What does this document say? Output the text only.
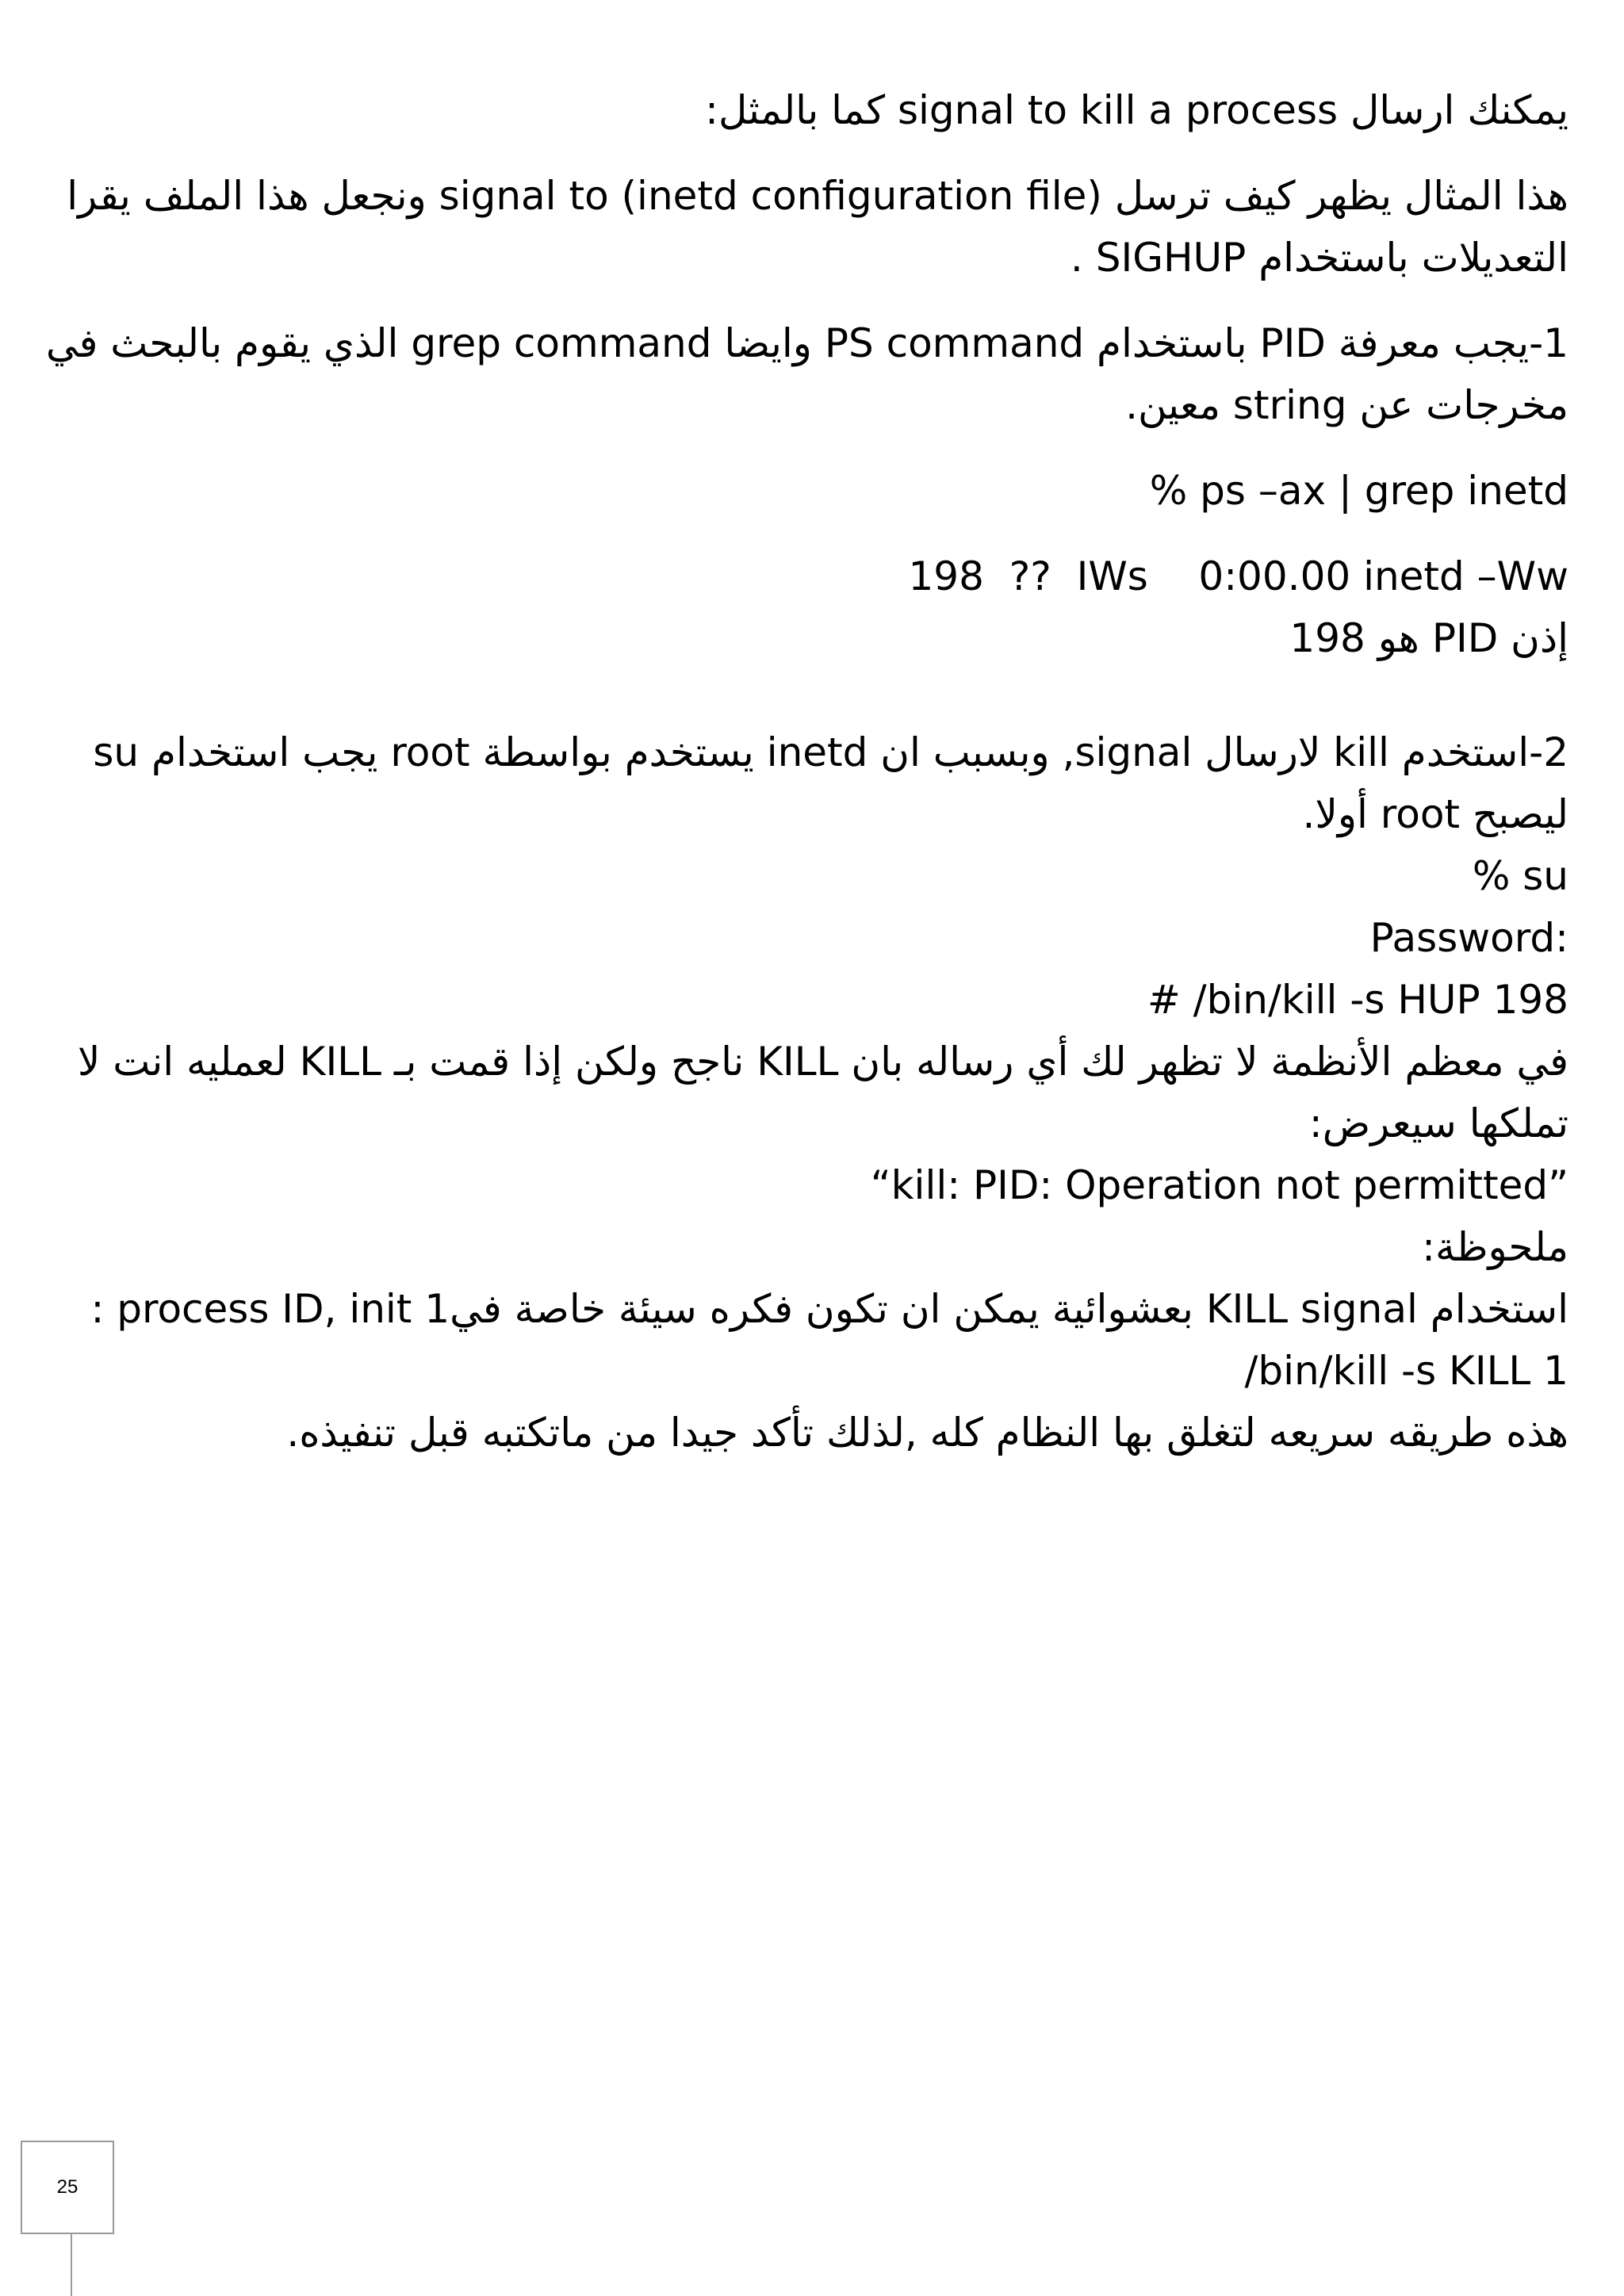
يمكنك ارسال signal to kill a process كما بالمثل:

هذا المثال يظهر كيف ترسل signal to (inetd configuration file) ونجعل هذا الملف يقرا التعديلات باستخدام SIGHUP .

1-يجب معرفة PID باستخدام PS command وايضا grep command الذي يقوم بالبحث في مخرجات عن string معين.

% ps –ax | grep inetd

198  ??  IWs    0:00.00 inetd –Ww

إذن PID هو 198

2-استخدم kill لارسال signal, وبسبب ان inetd يستخدم بواسطة root يجب استخدام su ليصبح root أولا.

% su

Password:

# /bin/kill -s HUP 198

في معظم الأنظمة لا تظهر لك أي رساله بان KILL ناجح ولكن إذا قمت بـ KILL لعمليه انت لا تملكها سيعرض:

“kill: PID: Operation not permitted”

ملحوظة:

استخدام KILL signal بعشوائية يمكن ان تكون فكره سيئة خاصة في1 process ID, init :

/bin/kill -s KILL 1

هذه طريقه سريعه لتغلق بها النظام كله ,لذلك تأكد جيدا من ماتكتبه قبل تنفيذه.

25
